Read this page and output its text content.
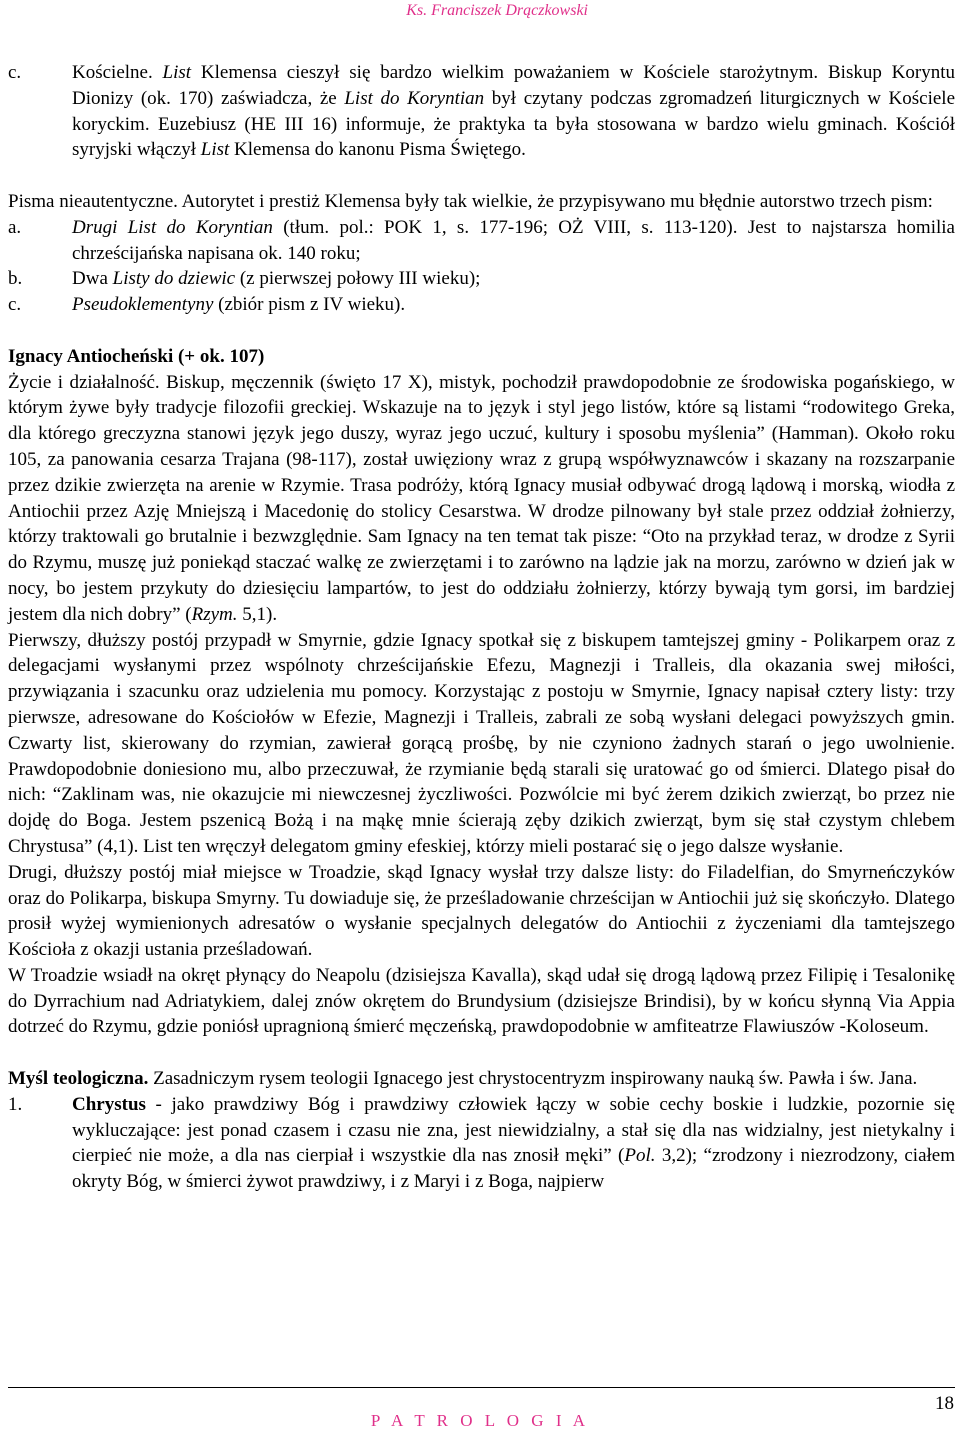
Ks. Franciszek Drączkowski
c.	Kościelne. List Klemensa cieszył się bardzo wielkim poważaniem w Kościele starożytnym. Biskup Koryntu Dionizy (ok. 170) zaświadcza, że List do Koryntian był czytany podczas zgromadzeń liturgicznych w Kościele koryckim. Euzebiusz (HE III 16) informuje, że praktyka ta była stosowana w bardzo wielu gminach. Kościół syryjski włączył List Klemensa do kanonu Pisma Świętego.

Pisma nieautentyczne. Autorytet i prestiż Klemensa były tak wielkie, że przypisywano mu błędnie autorstwo trzech pism:

a.	Drugi List do Koryntian (tłum. pol.: POK 1, s. 177-196; OŻ VIII, s. 113-120). Jest to najstarsza homilia chrześcijańska napisana ok. 140 roku;
b.	Dwa Listy do dziewic (z pierwszej połowy III wieku);
c.	Pseudoklementyny (zbiór pism z IV wieku).

Ignacy Antiocheński (+ ok. 107)

Życie i działalność. Biskup, męczennik (święto 17 X), mistyk, pochodził prawdopodobnie ze środowiska pogańskiego, w którym żywe były tradycje filozofii greckiej. Wskazuje na to język i styl jego listów, które są listami “rodowitego Greka, dla którego greczyzna stanowi język jego duszy, wyraz jego uczuć, kultury i sposobu myślenia” (Hamman). Około roku 105, za panowania cesarza Trajana (98-117), został uwięziony wraz z grupą współwyznawców i skazany na rozszarpanie przez dzikie zwierzęta na arenie w Rzymie. Trasa podróży, którą Ignacy musiał odbywać drogą lądową i morską, wiodła z Antiochii przez Azję Mniejszą i Macedonię do stolicy Cesarstwa. W drodze pilnowany był stale przez oddział żołnierzy, którzy traktowali go brutalnie i bezwzględnie. Sam Ignacy na ten temat tak pisze: “Oto na przykład teraz, w drodze z Syrii do Rzymu, muszę już poniekąd staczać walkę ze zwierzętami i to zarówno na lądzie jak na morzu, zarówno w dzień jak w nocy, bo jestem przykuty do dziesięciu lampartów, to jest do oddziału żołnierzy, którzy bywają tym gorsi, im bardziej jestem dla nich dobry” (Rzym. 5,1).

Pierwszy, dłuższy postój przypadł w Smyrnie, gdzie Ignacy spotkał się z biskupem tamtejszej gminy - Polikarpem oraz z delegacjami wysłanymi przez wspólnoty chrześcijańskie Efezu, Magnezji i Tralleis, dla okazania swej miłości, przywiązania i szacunku oraz udzielenia mu pomocy. Korzystając z postoju w Smyrnie, Ignacy napisał cztery listy: trzy pierwsze, adresowane do Kościołów w Efezie, Magnezji i Tralleis, zabrali ze sobą wysłani delegaci powyższych gmin. Czwarty list, skierowany do rzymian, zawierał gorącą prośbę, by nie czyniono żadnych starań o jego uwolnienie. Prawdopodobnie doniesiono mu, albo przeczuwał, że rzymianie będą starali się uratować go od śmierci. Dlatego pisał do nich: “Zaklinam was, nie okazujcie mi niewczesnej życzliwości. Pozwólcie mi być żerem dzikich zwierząt, bo przez nie dojdę do Boga. Jestem pszenicą Bożą i na mąkę mnie ścierają zęby dzikich zwierząt, bym się stał czystym chlebem Chrystusa” (4,1). List ten wręczył delegatom gminy efeskiej, którzy mieli postarać się o jego dalsze wysłanie.

Drugi, dłuższy postój miał miejsce w Troadzie, skąd Ignacy wysłał trzy dalsze listy: do Filadelfian, do Smyrneńczyków oraz do Polikarpa, biskupa Smyrny. Tu dowiaduje się, że prześladowanie chrześcijan w Antiochii już się skończyło. Dlatego prosił wyżej wymienionych adresatów o wysłanie specjalnych delegatów do Antiochii z życzeniami dla tamtejszego Kościoła z okazji ustania prześladowań.

W Troadzie wsiadł na okręt płynący do Neapolu (dzisiejsza Kavalla), skąd udał się drogą lądową przez Filipię i Tesalonikę do Dyrrachium nad Adriatykiem, dalej znów okrętem do Brundysium (dzisiejsze Brindisi), by w końcu słynną Via Appia dotrzeć do Rzymu, gdzie poniósł upragnioną śmierć męczeńską, prawdopodobnie w amfiteatrze Flawiuszów -Koloseum.

Myśl teologiczna. Zasadniczym rysem teologii Ignacego jest chrystocentryzm inspirowany nauką św. Pawła i św. Jana.

1.	Chrystus - jako prawdziwy Bóg i prawdziwy człowiek łączy w sobie cechy boskie i ludzkie, pozornie się wykluczające: jest ponad czasem i czasu nie zna, jest niewidzialny, a stał się dla nas widzialny, jest nietykalny i cierpieć nie może, a dla nas cierpiał i wszystkie dla nas znosił męki” (Pol. 3,2); “zrodzony i niezrodzony, ciałem okryty Bóg, w śmierci żywot prawdziwy, i z Maryi i z Boga, najpierw
18
P A T R O L O G I A
